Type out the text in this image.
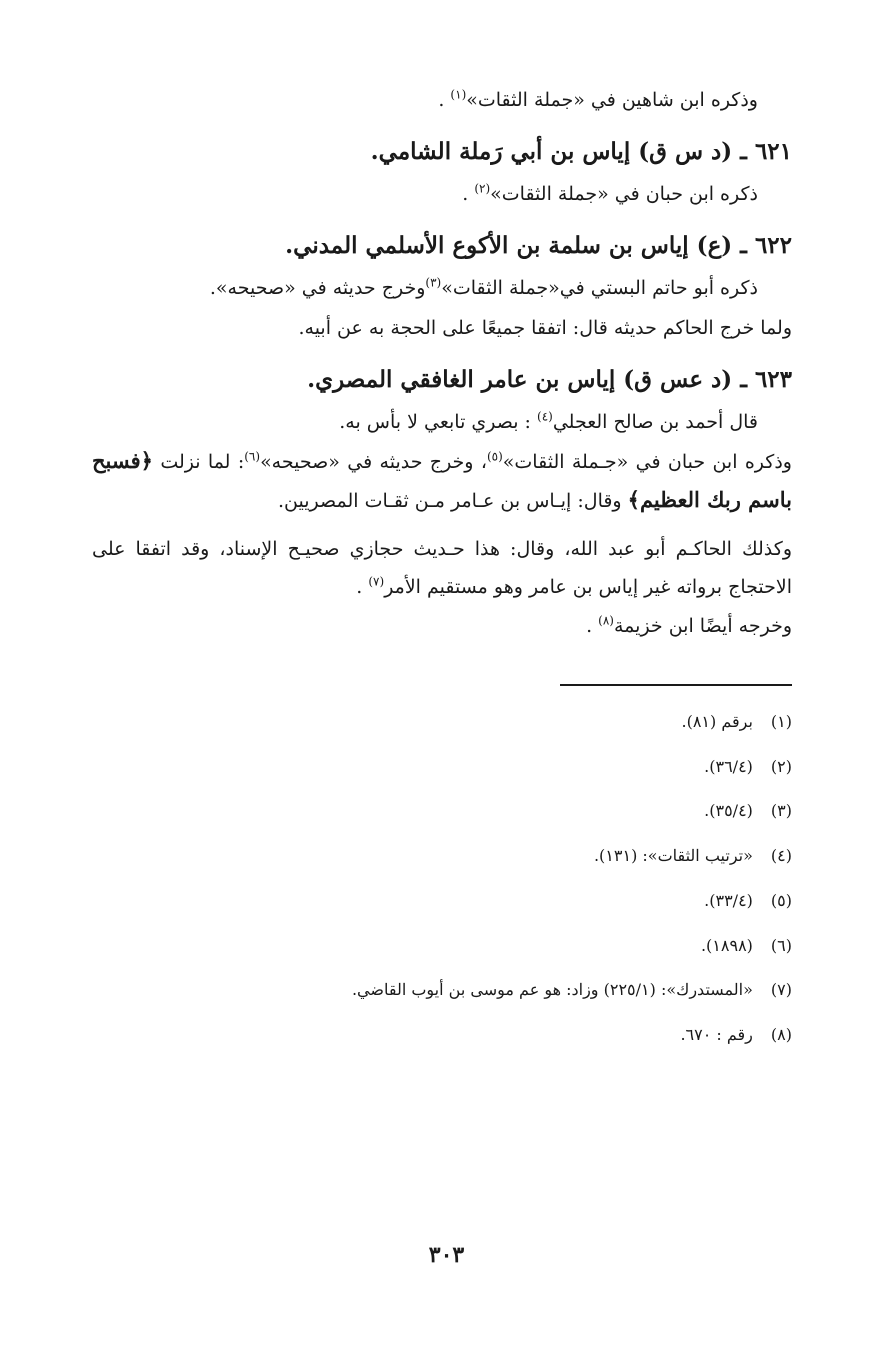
وذكره ابن شاهين في «جملة الثقات»$^{(١)}$ .
٦٢١ ـ (د س ق) إياس بن أبي رَملة الشامي.
ذكره ابن حبان في «جملة الثقات»$^{(٢)}$ .
٦٢٢ ـ (ع) إياس بن سلمة بن الأكوع الأسلمي المدني.
ذكره أبو حاتم البستي في«جملة الثقات»$^{(٣)}$وخرج حديثه في «صحيحه».
ولما خرج الحاكم حديثه قال: اتفقا جميعًا على الحجة به عن أبيه.
٦٢٣ ـ (د عس ق) إياس بن عامر الغافقي المصري.
قال أحمد بن صالح العجلي$^{(٤)}$ : بصري تابعي لا بأس به.

وذكره ابن حبان في «جـملة الثقات»$^{(٥)}$، وخرج حديثه في «صحيحه»$^{(٦)}$: لما نزلت ﴿فسبح باسم ربك العظيم﴾ وقال: إيـاس بن عـامر مـن ثقـات المصريين.

وكذلك الحاكـم أبو عبد الله، وقال: هذا حـديث حجازي صحيـح الإسناد، وقد اتفقا على الاحتجاج برواته غير إياس بن عامر وهو مستقيم الأمر$^{(٧)}$ .

وخرجه أيضًا ابن خزيمة$^{(٨)}$ .
(١) برقم (٨١).
(٢) (٣٦/٤).
(٣) (٣٥/٤).
(٤) «ترتيب الثقات»: (١٣١).
(٥) (٣٣/٤).
(٦) (١٨٩٨).
(٧) «المستدرك»: (٢٢٥/١) وزاد: هو عم موسى بن أيوب القاضي.
(٨) رقم : ٦٧٠.
٣٠٣
